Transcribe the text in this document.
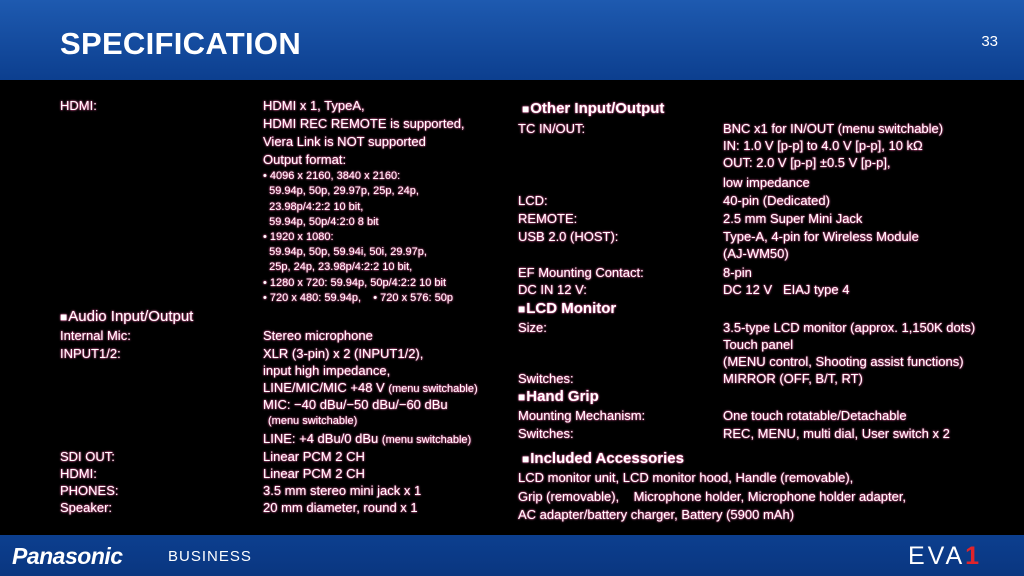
SPECIFICATION	33
HDMI:	HDMI x 1, TypeA,
HDMI REC REMOTE is supported,
Viera Link is NOT supported
Output format:
• 4096 x 2160, 3840 x 2160:
59.94p, 50p, 29.97p, 25p, 24p,
23.98p/4:2:2 10 bit,
59.94p, 50p/4:2:0 8 bit
• 1920 x 1080:
59.94p, 50p, 59.94i, 50i, 29.97p,
25p, 24p, 23.98p/4:2:2 10 bit,
• 1280 x 720: 59.94p, 50p/4:2:2 10 bit
• 720 x 480: 59.94p,    • 720 x 576: 50p
■Audio Input/Output
Internal Mic:	Stereo microphone
INPUT1/2:	XLR (3-pin) x 2 (INPUT1/2),
input high impedance,
LINE/MIC/MIC +48 V (menu switchable)
MIC: −40 dBu/−50 dBu/−60 dBu
(menu switchable)
LINE: +4 dBu/0 dBu (menu switchable)
SDI OUT:	Linear PCM 2 CH
HDMI:	Linear PCM 2 CH
PHONES:	3.5 mm stereo mini jack x 1
Speaker:	20 mm diameter, round x 1
■Other Input/Output
TC IN/OUT:	BNC x1 for IN/OUT (menu switchable)
IN: 1.0 V [p-p] to 4.0 V [p-p], 10 kΩ
OUT: 2.0 V [p-p] ±0.5 V [p-p],
low impedance
LCD:	40-pin (Dedicated)
REMOTE:	2.5 mm Super Mini Jack
USB 2.0 (HOST):	Type-A, 4-pin for Wireless Module
(AJ-WM50)
EF Mounting Contact:	8-pin
DC IN 12 V:	DC 12 V   EIAJ type 4
■LCD Monitor
Size:	3.5-type LCD monitor (approx. 1,150K dots)
Touch panel
(MENU control, Shooting assist functions)
Switches:	MIRROR (OFF, B/T, RT)
■Hand Grip
Mounting Mechanism:	One touch rotatable/Detachable
Switches:	REC, MENU, multi dial, User switch x 2
■Included Accessories
LCD monitor unit, LCD monitor hood, Handle (removable),
Grip (removable),    Microphone holder, Microphone holder adapter,
AC adapter/battery charger, Battery (5900 mAh)
Panasonic	BUSINESS	EVA1
